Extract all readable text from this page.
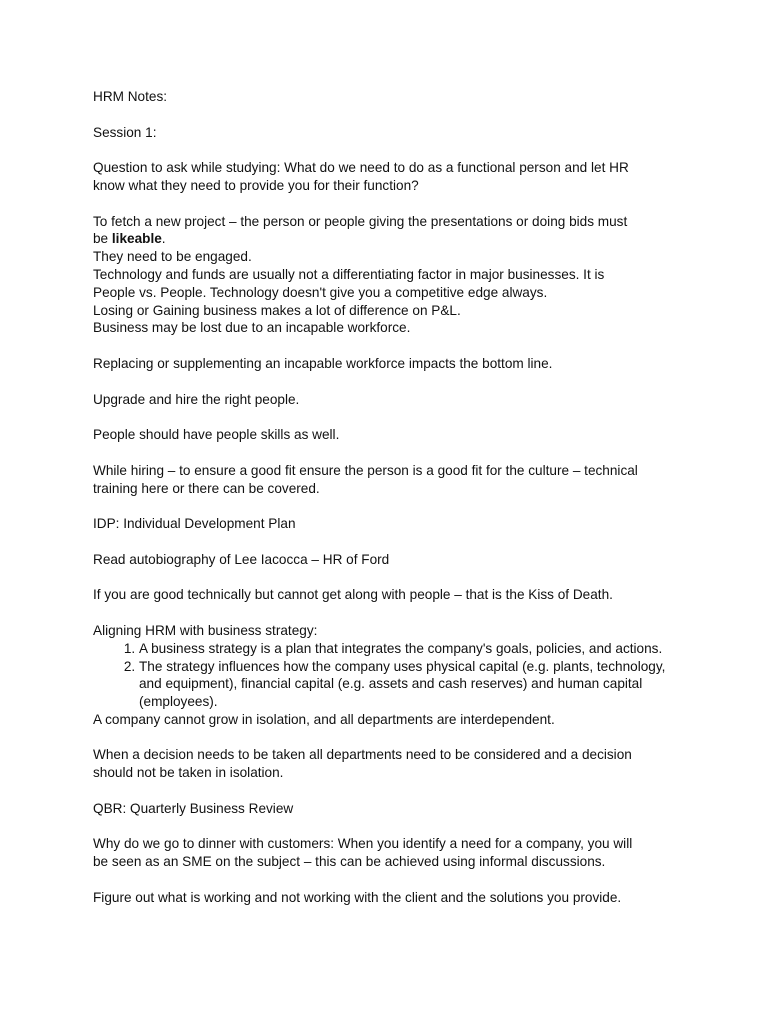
HRM Notes:

Session 1:

Question to ask while studying: What do we need to do as a functional person and let HR

know what they need to provide you for their function?

To fetch a new project – the person or people giving the presentations or doing bids must

be likeable.

They need to be engaged.

Technology and funds are usually not a differentiating factor in major businesses. It is

People vs. People. Technology doesn't give you a competitive edge always.

Losing or Gaining business makes a lot of difference on P&L.

Business may be lost due to an incapable workforce.

Replacing or supplementing an incapable workforce impacts the bottom line.

Upgrade and hire the right people.

People should have people skills as well.

While hiring – to ensure a good fit ensure the person is a good fit for the culture – technical

training here or there can be covered.

IDP: Individual Development Plan

Read autobiography of Lee Iacocca – HR of Ford

If you are good technically but cannot get along with people – that is the Kiss of Death.

Aligning HRM with business strategy:

1. A business strategy is a plan that integrates the company's goals, policies, and actions.
2. The strategy influences how the company uses physical capital (e.g. plants, technology, and equipment), financial capital (e.g. assets and cash reserves) and human capital (employees).

A company cannot grow in isolation, and all departments are interdependent.

When a decision needs to be taken all departments need to be considered and a decision

should not be taken in isolation.

QBR: Quarterly Business Review

Why do we go to dinner with customers: When you identify a need for a company, you will

be seen as an SME on the subject – this can be achieved using informal discussions.

Figure out what is working and not working with the client and the solutions you provide.
